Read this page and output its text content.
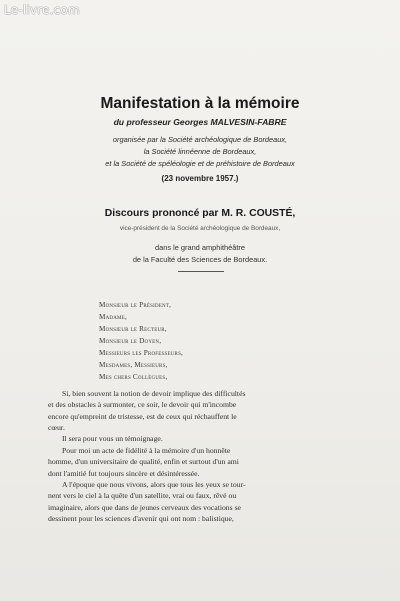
Le-livre.com
Manifestation à la mémoire
du professeur Georges MALVESIN-FABRE
organisée par la Société archéologique de Bordeaux,
la Société linnéenne de Bordeaux,
et la Société de spéléologie et de préhistoire de Bordeaux
(23 novembre 1957.)
Discours prononcé par M. R. COUSTÉ,
vice-président de la Société archéologique de Bordeaux,
dans le grand amphithéâtre
de la Faculté des Sciences de Bordeaux.
Monsieur le Président,
Madame,
Monsieur le Recteur,
Monsieur le Doyen,
Messieurs les Professeurs,
Mesdames, Messieurs,
Mes chers Collègues,
Si, bien souvent la notion de devoir implique des difficultés
et des obstacles à surmonter, ce soir, le devoir qui m'incombe
encore qu'empreint de tristesse, est de ceux qui réchauffent le
cœur.
Il sera pour vous un témoignage.
Pour moi un acte de fidélité à la mémoire d'un honnête
homme, d'un universitaire de qualité, enfin et surtout d'un ami
dont l'amitié fut toujours sincère et désintéressée.
A l'époque que nous vivons, alors que tous les yeux se tour-
nent vers le ciel à la quête d'un satellite, vrai ou faux, rêvé ou
imaginaire, alors que dans de jeunes cerveaux des vocations se
dessinent pour les sciences d'avenir qui ont nom : balistique,
